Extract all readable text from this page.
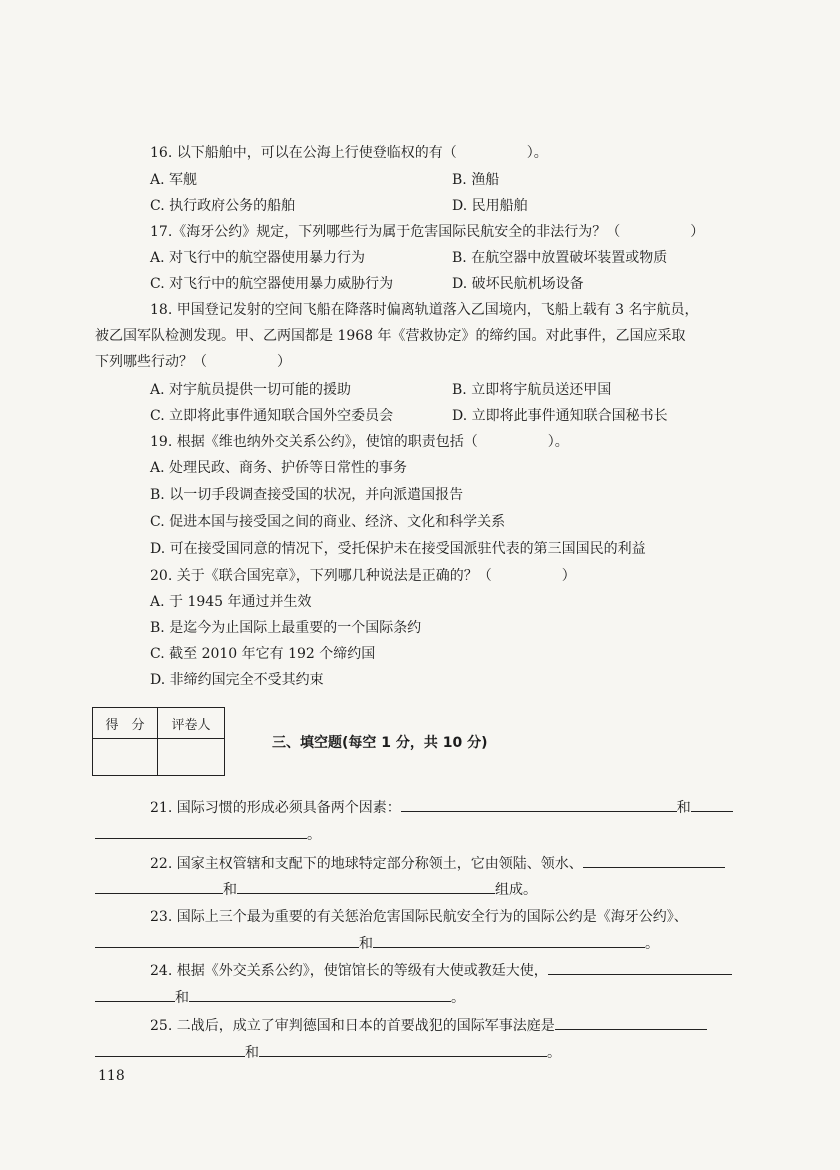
16. 以下船舶中，可以在公海上行使登临权的有（　　　　　）。
A. 军舰	B. 渔船
C. 执行政府公务的船舶	D. 民用船舶
17.《海牙公约》规定，下列哪些行为属于危害国际民航安全的非法行为？（　　　　　）
A. 对飞行中的航空器使用暴力行为	B. 在航空器中放置破坏装置或物质
C. 对飞行中的航空器使用暴力威胁行为	D. 破坏民航机场设备
18. 甲国登记发射的空间飞船在降落时偏离轨道落入乙国境内，飞船上载有 3 名宇航员，
被乙国军队检测发现。甲、乙两国都是 1968 年《营救协定》的缔约国。对此事件，乙国应采取
下列哪些行动？（　　　　　）
A. 对宇航员提供一切可能的援助	B. 立即将宇航员送还甲国
C. 立即将此事件通知联合国外空委员会	D. 立即将此事件通知联合国秘书长
19. 根据《维也纳外交关系公约》，使馆的职责包括（　　　　　）。
A. 处理民政、商务、护侨等日常性的事务
B. 以一切手段调查接受国的状况，并向派遣国报告
C. 促进本国与接受国之间的商业、经济、文化和科学关系
D. 可在接受国同意的情况下，受托保护未在接受国派驻代表的第三国国民的利益
20. 关于《联合国宪章》，下列哪几种说法是正确的？（　　　　　）
A. 于 1945 年通过并生效
B. 是迄今为止国际上最重要的一个国际条约
C. 截至 2010 年它有 192 个缔约国
D. 非缔约国完全不受其约束
得　分	评卷人

三、填空题(每空 1 分，共 10 分)
21. 国际习惯的形成必须具备两个因素：	和
。
22. 国家主权管辖和支配下的地球特定部分称领土，它由领陆、领水、
和	组成。
23. 国际上三个最为重要的有关惩治危害国际民航安全行为的国际公约是《海牙公约》、
和	。
24. 根据《外交关系公约》，使馆馆长的等级有大使或教廷大使，
和	。
25. 二战后，成立了审判德国和日本的首要战犯的国际军事法庭是
和	。
118
